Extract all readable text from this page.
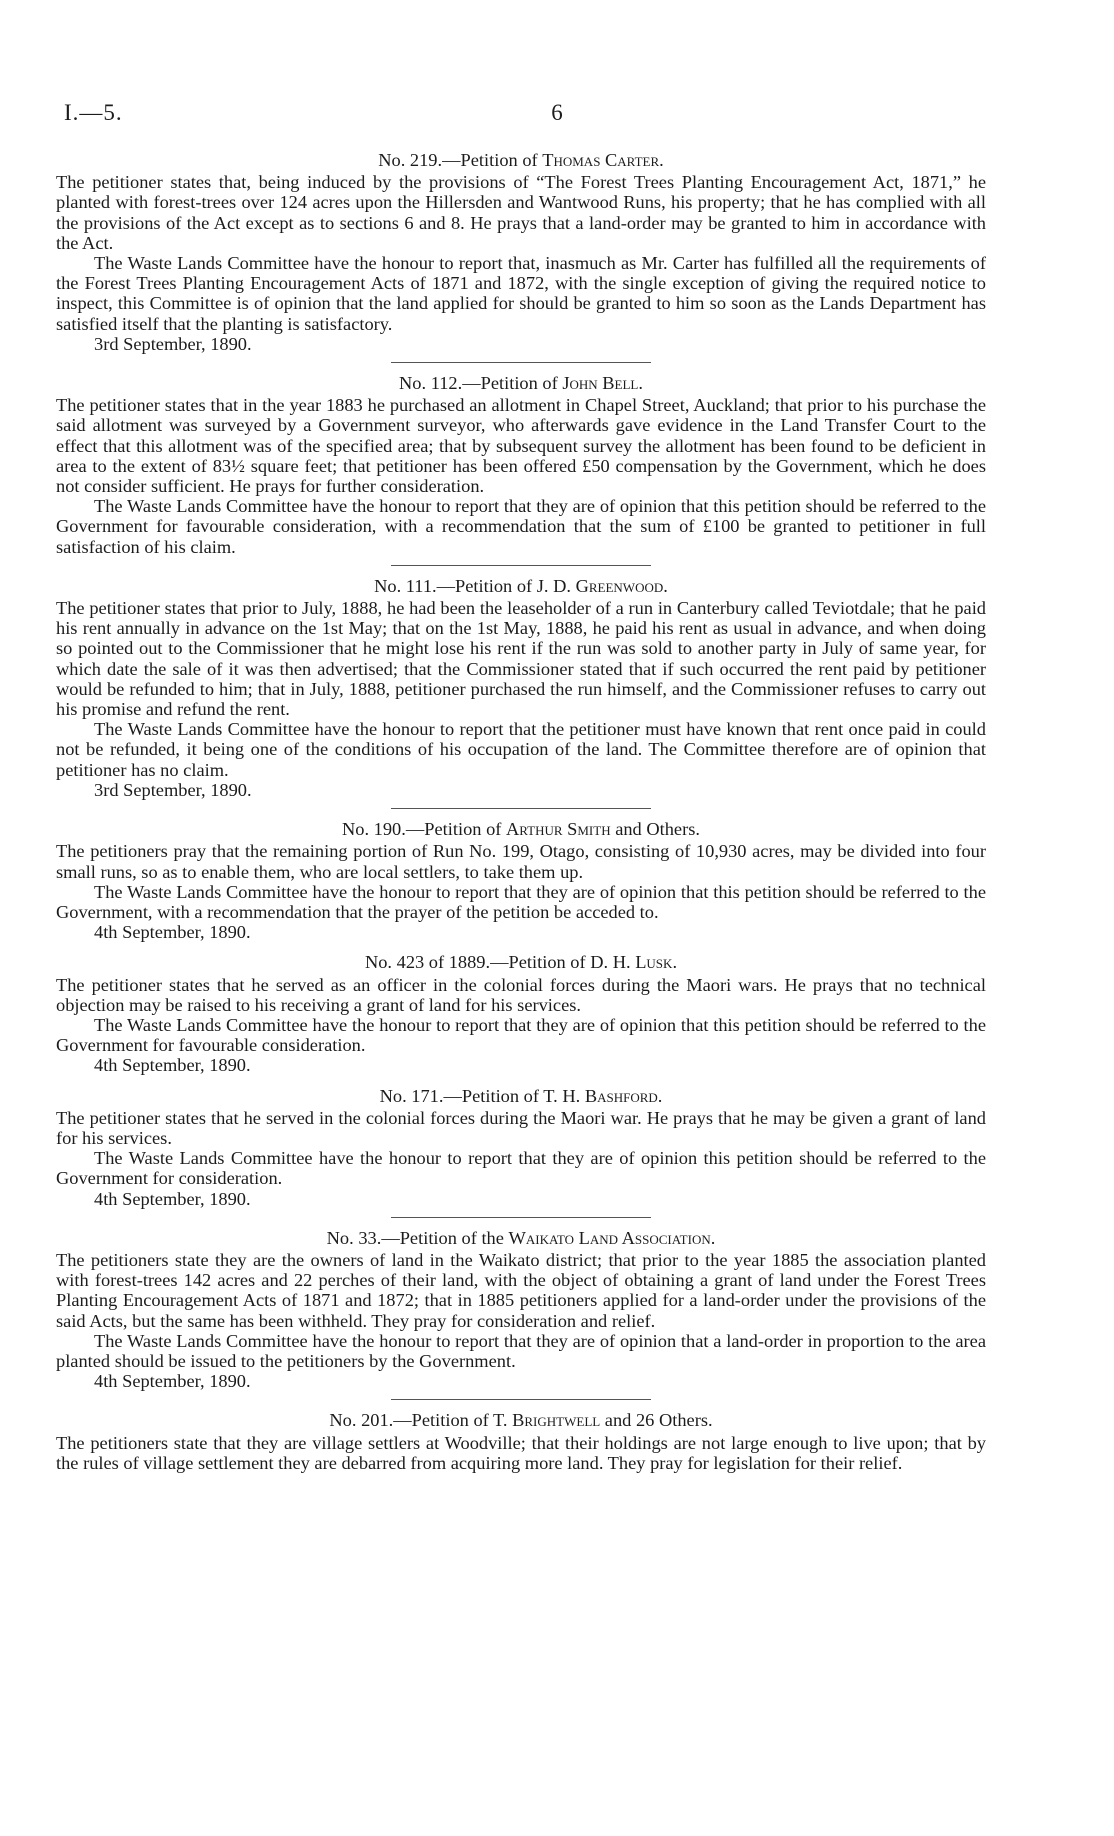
I.—5.	6

No. 219.—Petition of Thomas Carter.

The petitioner states that, being induced by the provisions of “The Forest Trees Planting Encouragement Act, 1871,” he planted with forest-trees over 124 acres upon the Hillersden and Wantwood Runs, his property; that he has complied with all the provisions of the Act except as to sections 6 and 8. He prays that a land-order may be granted to him in accordance with the Act.

The Waste Lands Committee have the honour to report that, inasmuch as Mr. Carter has fulfilled all the requirements of the Forest Trees Planting Encouragement Acts of 1871 and 1872, with the single exception of giving the required notice to inspect, this Committee is of opinion that the land applied for should be granted to him so soon as the Lands Department has satisfied itself that the planting is satisfactory.

3rd September, 1890.

No. 112.—Petition of John Bell.

The petitioner states that in the year 1883 he purchased an allotment in Chapel Street, Auckland; that prior to his purchase the said allotment was surveyed by a Government surveyor, who afterwards gave evidence in the Land Transfer Court to the effect that this allotment was of the specified area; that by subsequent survey the allotment has been found to be deficient in area to the extent of 83½ square feet; that petitioner has been offered £50 compensation by the Government, which he does not consider sufficient. He prays for further consideration.

The Waste Lands Committee have the honour to report that they are of opinion that this petition should be referred to the Government for favourable consideration, with a recommendation that the sum of £100 be granted to petitioner in full satisfaction of his claim.

No. 111.—Petition of J. D. Greenwood.

The petitioner states that prior to July, 1888, he had been the leaseholder of a run in Canterbury called Teviotdale; that he paid his rent annually in advance on the 1st May; that on the 1st May, 1888, he paid his rent as usual in advance, and when doing so pointed out to the Commissioner that he might lose his rent if the run was sold to another party in July of same year, for which date the sale of it was then advertised; that the Commissioner stated that if such occurred the rent paid by petitioner would be refunded to him; that in July, 1888, petitioner purchased the run himself, and the Commissioner refuses to carry out his promise and refund the rent.

The Waste Lands Committee have the honour to report that the petitioner must have known that rent once paid in could not be refunded, it being one of the conditions of his occupation of the land. The Committee therefore are of opinion that petitioner has no claim.

3rd September, 1890.

No. 190.—Petition of Arthur Smith and Others.

The petitioners pray that the remaining portion of Run No. 199, Otago, consisting of 10,930 acres, may be divided into four small runs, so as to enable them, who are local settlers, to take them up.

The Waste Lands Committee have the honour to report that they are of opinion that this petition should be referred to the Government, with a recommendation that the prayer of the petition be acceded to.

4th September, 1890.

No. 423 of 1889.—Petition of D. H. Lusk.

The petitioner states that he served as an officer in the colonial forces during the Maori wars. He prays that no technical objection may be raised to his receiving a grant of land for his services.

The Waste Lands Committee have the honour to report that they are of opinion that this petition should be referred to the Government for favourable consideration.

4th September, 1890.

No. 171.—Petition of T. H. Bashford.

The petitioner states that he served in the colonial forces during the Maori war. He prays that he may be given a grant of land for his services.

The Waste Lands Committee have the honour to report that they are of opinion this petition should be referred to the Government for consideration.

4th September, 1890.

No. 33.—Petition of the Waikato Land Association.

The petitioners state they are the owners of land in the Waikato district; that prior to the year 1885 the association planted with forest-trees 142 acres and 22 perches of their land, with the object of obtaining a grant of land under the Forest Trees Planting Encouragement Acts of 1871 and 1872; that in 1885 petitioners applied for a land-order under the provisions of the said Acts, but the same has been withheld. They pray for consideration and relief.

The Waste Lands Committee have the honour to report that they are of opinion that a land-order in proportion to the area planted should be issued to the petitioners by the Government.

4th September, 1890.

No. 201.—Petition of T. Brightwell and 26 Others.

The petitioners state that they are village settlers at Woodville; that their holdings are not large enough to live upon; that by the rules of village settlement they are debarred from acquiring more land. They pray for legislation for their relief.
